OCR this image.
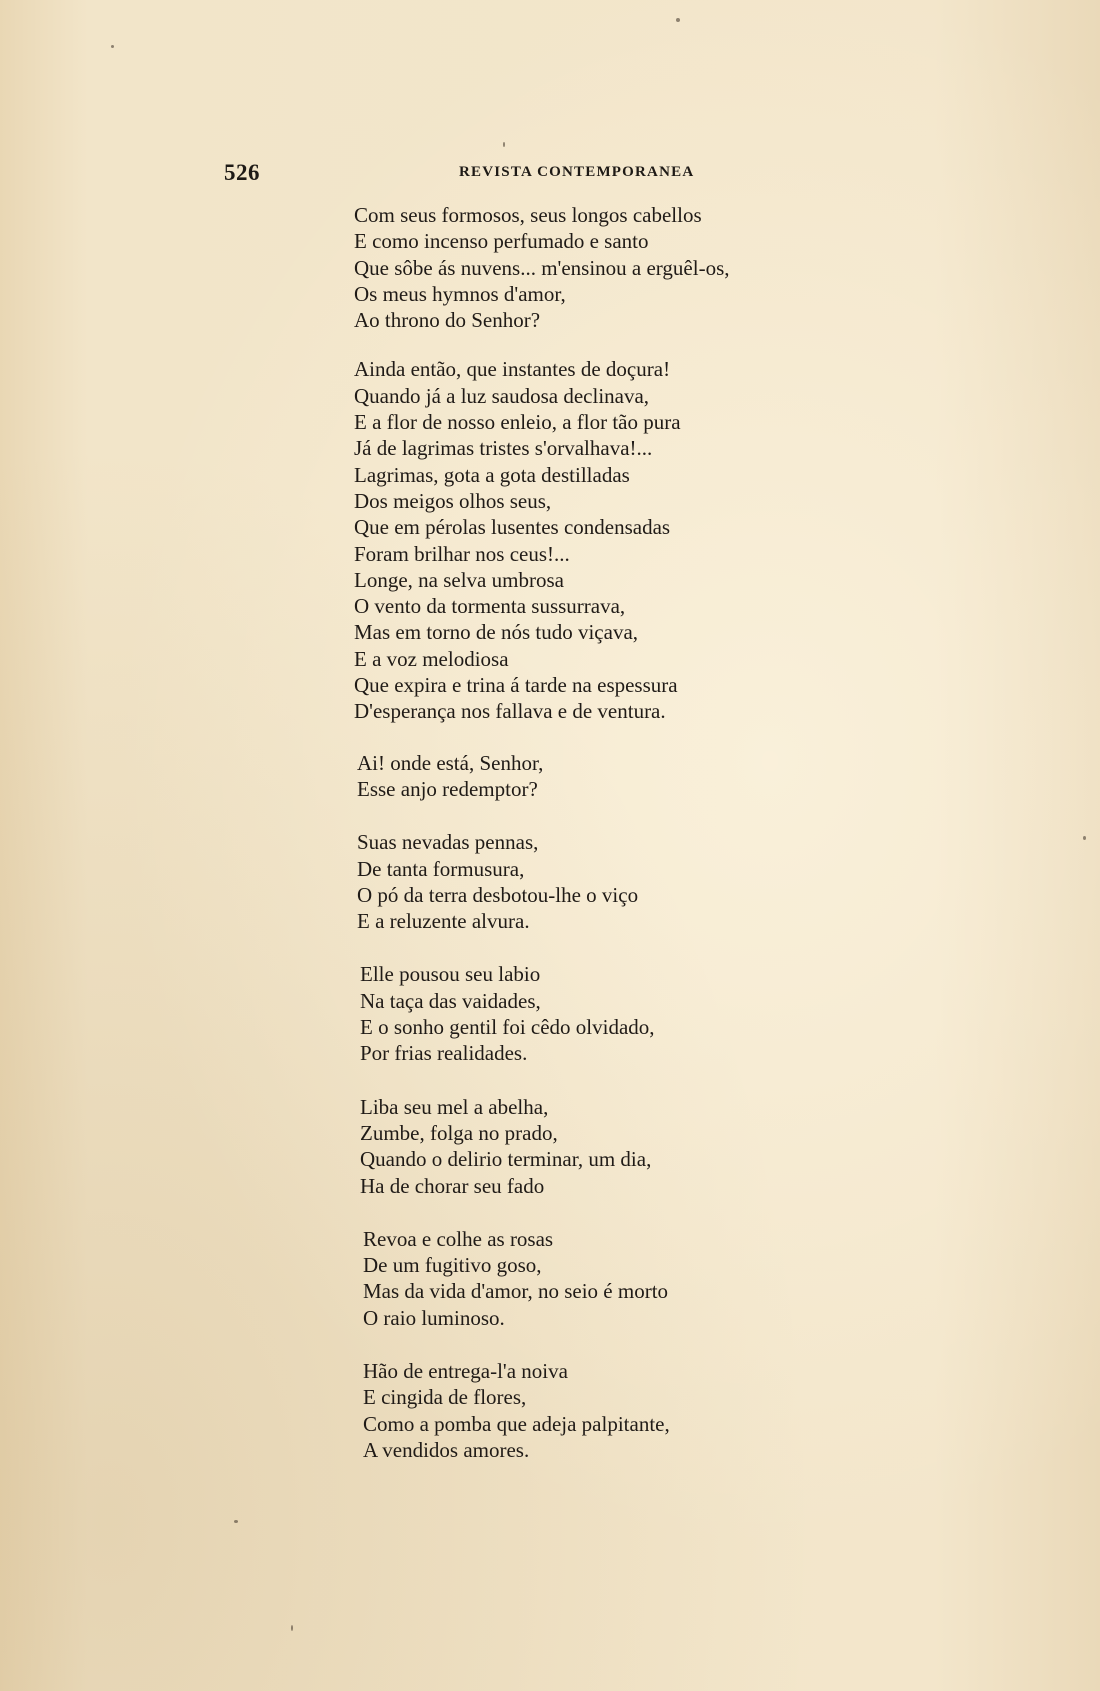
526	REVISTA CONTEMPORANEA
Com seus formosos, seus longos cabellos
E como incenso perfumado e santo
Que sôbe ás nuvens... m'ensinou a erguêl-os,
Os meus hymnos d'amor,
Ao throno do Senhor?
Ainda então, que instantes de doçura!
Quando já a luz saudosa declinava,
E a flor de nosso enleio, a flor tão pura
Já de lagrimas tristes s'orvalhava!...
Lagrimas, gota a gota destilladas
Dos meigos olhos seus,
Que em pérolas lusentes condensadas
Foram brilhar nos ceus!...
Longe, na selva umbrosa
O vento da tormenta sussurrava,
Mas em torno de nós tudo viçava,
E a voz melodiosa
Que expira e trina á tarde na espessura
D'esperança nos fallava e de ventura.
Ai! onde está, Senhor,
Esse anjo redemptor?
Suas nevadas pennas,
De tanta formusura,
O pó da terra desbotou-lhe o viço
E a reluzente alvura.
Elle pousou seu labio
Na taça das vaidades,
E o sonho gentil foi cêdo olvidado,
Por frias realidades.
Liba seu mel a abelha,
Zumbe, folga no prado,
Quando o delirio terminar, um dia,
Ha de chorar seu fado
Revoa e colhe as rosas
De um fugitivo goso,
Mas da vida d'amor, no seio é morto
O raio luminoso.
Hão de entrega-l'a noiva
E cingida de flores,
Como a pomba que adeja palpitante,
A vendidos amores.
